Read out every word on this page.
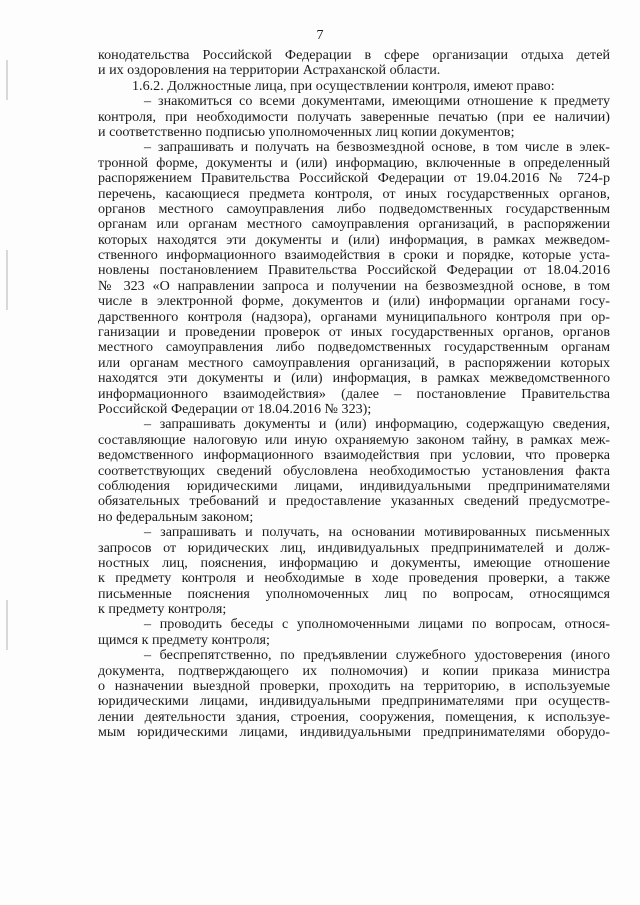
7
конодательства Российской Федерации в сфере организации отдыха детей
и их оздоровления на территории Астраханской области.
1.6.2. Должностные лица, при осуществлении контроля, имеют право:
– знакомиться со всеми документами, имеющими отношение к предмету
контроля, при необходимости получать заверенные печатью (при ее наличии)
и соответственно подписью уполномоченных лиц копии документов;
– запрашивать и получать на безвозмездной основе, в том числе в элек-
тронной форме, документы и (или) информацию, включенные в определенный
распоряжением Правительства Российской Федерации от 19.04.2016 № 724-р
перечень, касающиеся предмета контроля, от иных государственных органов,
органов местного самоуправления либо подведомственных государственным
органам или органам местного самоуправления организаций, в распоряжении
которых находятся эти документы и (или) информация, в рамках межведом-
ственного информационного взаимодействия в сроки и порядке, которые уста-
новлены постановлением Правительства Российской Федерации от 18.04.2016
№ 323 «О направлении запроса и получении на безвозмездной основе, в том
числе в электронной форме, документов и (или) информации органами госу-
дарственного контроля (надзора), органами муниципального контроля при ор-
ганизации и проведении проверок от иных государственных органов, органов
местного самоуправления либо подведомственных государственным органам
или органам местного самоуправления организаций, в распоряжении которых
находятся эти документы и (или) информация, в рамках межведомственного
информационного взаимодействия» (далее – постановление Правительства
Российской Федерации от 18.04.2016 № 323);
– запрашивать документы и (или) информацию, содержащую сведения,
составляющие налоговую или иную охраняемую законом тайну, в рамках меж-
ведомственного информационного взаимодействия при условии, что проверка
соответствующих сведений обусловлена необходимостью установления факта
соблюдения юридическими лицами, индивидуальными предпринимателями
обязательных требований и предоставление указанных сведений предусмотре-
но федеральным законом;
– запрашивать и получать, на основании мотивированных письменных
запросов от юридических лиц, индивидуальных предпринимателей и долж-
ностных лиц, пояснения, информацию и документы, имеющие отношение
к предмету контроля и необходимые в ходе проведения проверки, а также
письменные пояснения уполномоченных лиц по вопросам, относящимся
к предмету контроля;
– проводить беседы с уполномоченными лицами по вопросам, относя-
щимся к предмету контроля;
– беспрепятственно, по предъявлении служебного удостоверения (иного
документа, подтверждающего их полномочия) и копии приказа министра
о назначении выездной проверки, проходить на территорию, в используемые
юридическими лицами, индивидуальными предпринимателями при осуществ-
лении деятельности здания, строения, сооружения, помещения, к используе-
мым юридическими лицами, индивидуальными предпринимателями оборудо-
